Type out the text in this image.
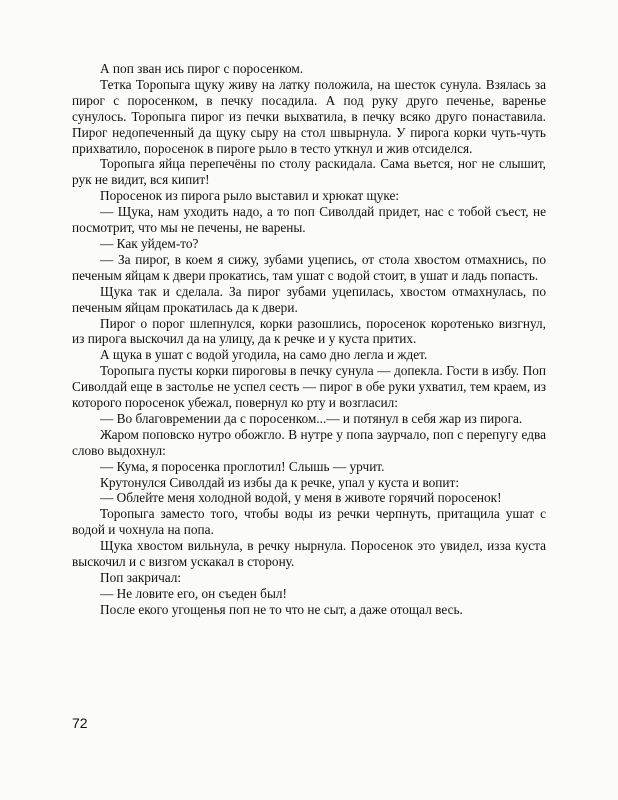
А поп зван ись пирог с поросенком.

Тетка Торопыга щуку живу на латку положила, на шесток сунула. Взялась за пирог с поросенком, в печку посадила. А под руку друго печенье, варенье сунулось. Торопыга пирог из печки выхватила, в печку всяко друго понаставила. Пирог недопеченный да щуку сыру на стол швырнула. У пирога корки чуть-чуть прихватило, поросенок в пироге рыло в тесто уткнул и жив отсиделся.

Торопыга яйца перепечёны по столу раскидала. Сама вьется, ног не слышит, рук не видит, вся кипит!

Поросенок из пирога рыло выставил и хрюкат щуке:

— Щука, нам уходить надо, а то поп Сиволдай придет, нас с тобой съест, не посмотрит, что мы не печены, не варены.

— Как уйдем-то?

— За пирог, в коем я сижу, зубами уцепись, от стола хвостом отмахнись, по печеным яйцам к двери прокатись, там ушат с водой стоит, в ушат и ладь попасть.

Щука так и сделала. За пирог зубами уцепилась, хвостом отмахнулась, по печеным яйцам прокатилась да к двери.

Пирог о порог шлепнулся, корки разошлись, поросенок коротенько визгнул, из пирога выскочил да на улицу, да к речке и у куста притих.

А щука в ушат с водой угодила, на само дно легла и ждет.

Торопыга пусты корки пироговы в печку сунула — допекла. Гости в избу. Поп Сиволдай еще в застолье не успел сесть — пирог в обе руки ухватил, тем краем, из которого поросенок убежал, повернул ко рту и возгласил:

— Во благовремении да с поросенком...— и потянул в себя жар из пирога.

Жаром поповско нутро обожгло. В нутре у попа заурчало, поп с перепугу едва слово выдохнул:

— Кума, я поросенка проглотил! Слышь — урчит.

Крутонулся Сиволдай из избы да к речке, упал у куста и вопит:

— Облейте меня холодной водой, у меня в животе горячий поросенок!

Торопыга заместо того, чтобы воды из речки черпнуть, притащила ушат с водой и чохнула на попа.

Щука хвостом вильнула, в речку нырнула. Поросенок это увидел, изза куста выскочил и с визгом ускакал в сторону.

Поп закричал:

— Не ловите его, он съеден был!

После екого угощенья поп не то что не сыт, а даже отощал весь.

72
